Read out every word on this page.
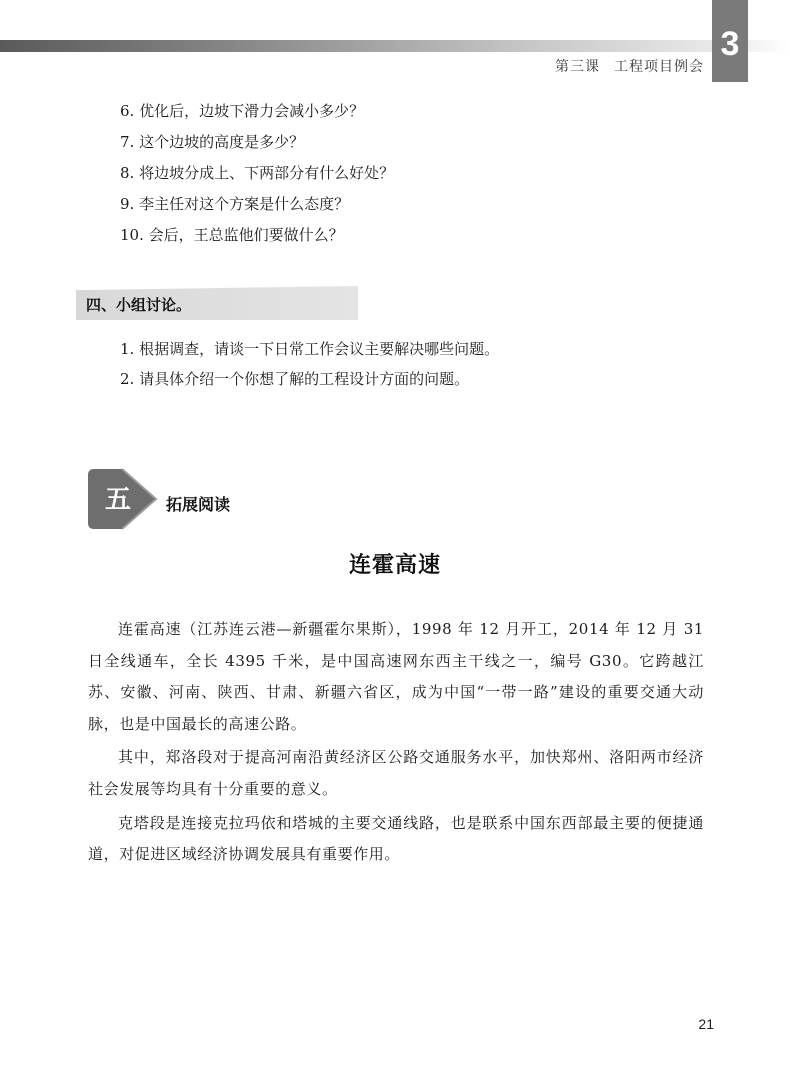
3
第三课 工程项目例会
6. 优化后，边坡下滑力会减小多少？
7. 这个边坡的高度是多少？
8. 将边坡分成上、下两部分有什么好处？
9. 李主任对这个方案是什么态度？
10. 会后，王总监他们要做什么？
四、小组讨论。
1. 根据调查，请谈一下日常工作会议主要解决哪些问题。
2. 请具体介绍一个你想了解的工程设计方面的问题。
五 拓展阅读
连霍高速

连霍高速（江苏连云港—新疆霍尔果斯），1998 年 12 月开工，2014 年 12 月 31 日全线通车，全长 4395 千米，是中国高速网东西主干线之一，编号 G30。它跨越江苏、安徽、河南、陕西、甘肃、新疆六省区，成为中国“一带一路”建设的重要交通大动脉，也是中国最长的高速公路。

其中，郑洛段对于提高河南沿黄经济区公路交通服务水平，加快郑州、洛阳两市经济社会发展等均具有十分重要的意义。

克塔段是连接克拉玛依和塔城的主要交通线路，也是联系中国东西部最主要的便捷通道，对促进区域经济协调发展具有重要作用。

21
